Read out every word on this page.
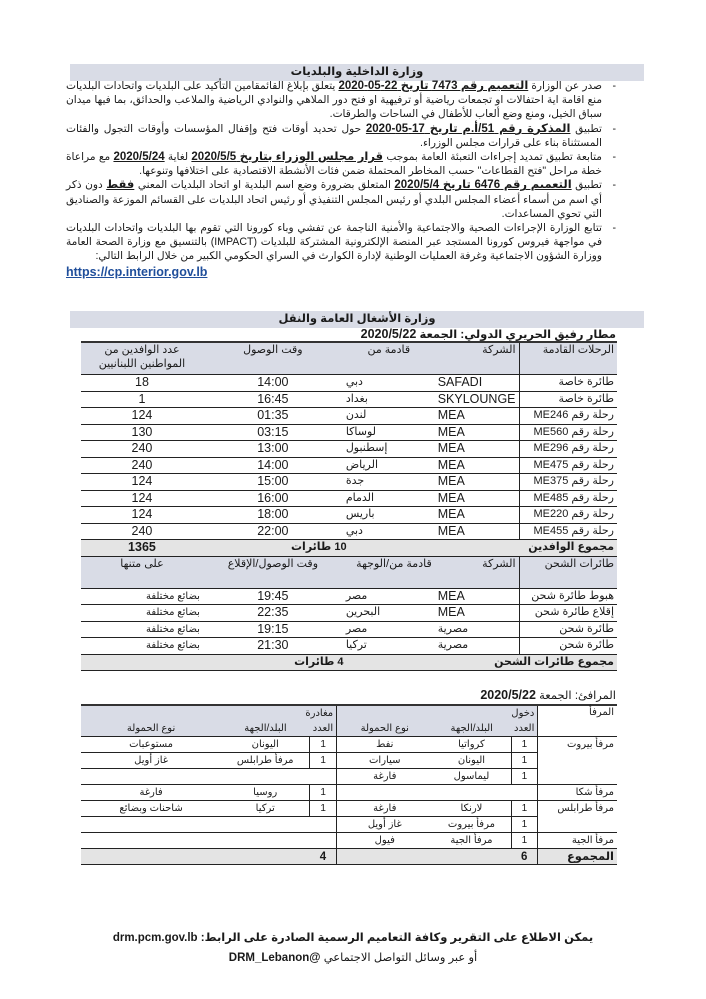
وزارة الداخلية والبلديات

- صدر عن الوزارة التعميم رقم 7473 تاريخ 22-05-2020 يتعلق بإبلاغ القائمقامين التأكيد على البلديات واتحادات البلديات منع اقامة اية احتفالات او تجمعات رياضية أو ترفيهية او فتح دور الملاهي والنوادي الرياضية والملاعب والحدائق، بما فيها ميدان سباق الخيل، ومنع وضع ألعاب للأطفال في الساحات والطرقات.

- تطبيق المذكرة رقم 51/أ.م تاريخ 17-05-2020 حول تحديد أوقات فتح وإقفال المؤسسات وأوقات التجول والفئات المستثناة بناء على قرارات مجلس الوزراء.

- متابعة تطبيق تمديد إجراءات التعبئة العامة بموجب قرار مجلس الوزراء بتاريخ 2020/5/5 لغاية 2020/5/24 مع مراعاة خطة مراحل "فتح القطاعات" حسب المخاطر المحتملة ضمن فئات الأنشطة الاقتصادية على اختلافها وتنوعها.

- تطبيق التعميم رقم 6476 تاريخ 2020/5/4 المتعلق بضرورة وضع اسم البلدية او اتحاد البلديات المعني فقط دون ذكر أي اسم من أسماء أعضاء المجلس البلدي أو رئيس المجلس التنفيذي أو رئيس اتحاد البلديات على القسائم الموزعة والصناديق التي تحوي المساعدات.

- تتابع الوزارة الإجراءات الصحية والاجتماعية والأمنية الناجمة عن تفشي وباء كورونا التي تقوم بها البلديات واتحادات البلديات في مواجهة فيروس كورونا المستجد عبر المنصة الإلكترونية المشتركة للبلديات (IMPACT) بالتنسيق مع وزارة الصحة العامة ووزارة الشؤون الاجتماعية وغرفة العمليات الوطنية لإدارة الكوارث في السراي الحكومي الكبير من خلال الرابط التالي:
https://cp.interior.gov.lb

وزارة الأشغال العامة والنقل
مطار رفيق الحريري الدولي: الجمعة 2020/5/22
الرحلات القادمة	الشركة	قادمة من	وقت الوصول	عدد الوافدين من المواطنين اللبنانيين
طائرة خاصة	SAFADI	دبي	14:00	18
طائرة خاصة	SKYLOUNGE	بغداد	16:45	1
رحلة رقم ME246	MEA	لندن	01:35	124
رحلة رقم ME560	MEA	لوساكا	03:15	130
رحلة رقم ME296	MEA	إسطنبول	13:00	240
رحلة رقم ME475	MEA	الرياض	14:00	240
رحلة رقم ME375	MEA	جدة	15:00	124
رحلة رقم ME485	MEA	الدمام	16:00	124
رحلة رقم ME220	MEA	باريس	18:00	124
رحلة رقم ME455	MEA	دبي	22:00	240
مجموع الوافدين		10 طائرات		1365
طائرات الشحن	الشركة	قادمة من/الوجهة	وقت الوصول/الإقلاع	على متنها
هبوط طائرة شحن	MEA	مصر	19:45	بضائع مختلفة
إقلاع طائرة شحن	MEA	البحرين	22:35	بضائع مختلفة
طائرة شحن	مصرية	مصر	19:15	بضائع مختلفة
طائرة شحن	مصرية	تركيا	21:30	بضائع مختلفة
مجموع طائرات الشحن		4 طائرات		
المرافئ: الجمعة 2020/5/22
المرفأ	دخول			مغادرة		
	العدد	البلد/الجهة	نوع الحمولة	العدد	البلد/الجهة	نوع الحمولة
مرفأ بيروت	1	كرواتيا	نفط	1	اليونان	مستوعبات
	1	اليونان	سيارات	1	مرفأ طرابلس	غاز أويل
	1	ليماسول	فارغة			
مرفأ شكا				1	روسيا	فارغة
مرفأ طرابلس	1	لارنكا	فارغة	1	تركيا	شاحنات وبضائع
	1	مرفأ بيروت	غاز أويل			
مرفأ الجية	1	مرفأ الجية	فيول			
المجموع	6			4		
يمكن الاطلاع على التقرير وكافة التعاميم الرسمية الصادرة على الرابط: drm.pcm.gov.lb
أو عبر وسائل التواصل الاجتماعي @DRM_Lebanon
